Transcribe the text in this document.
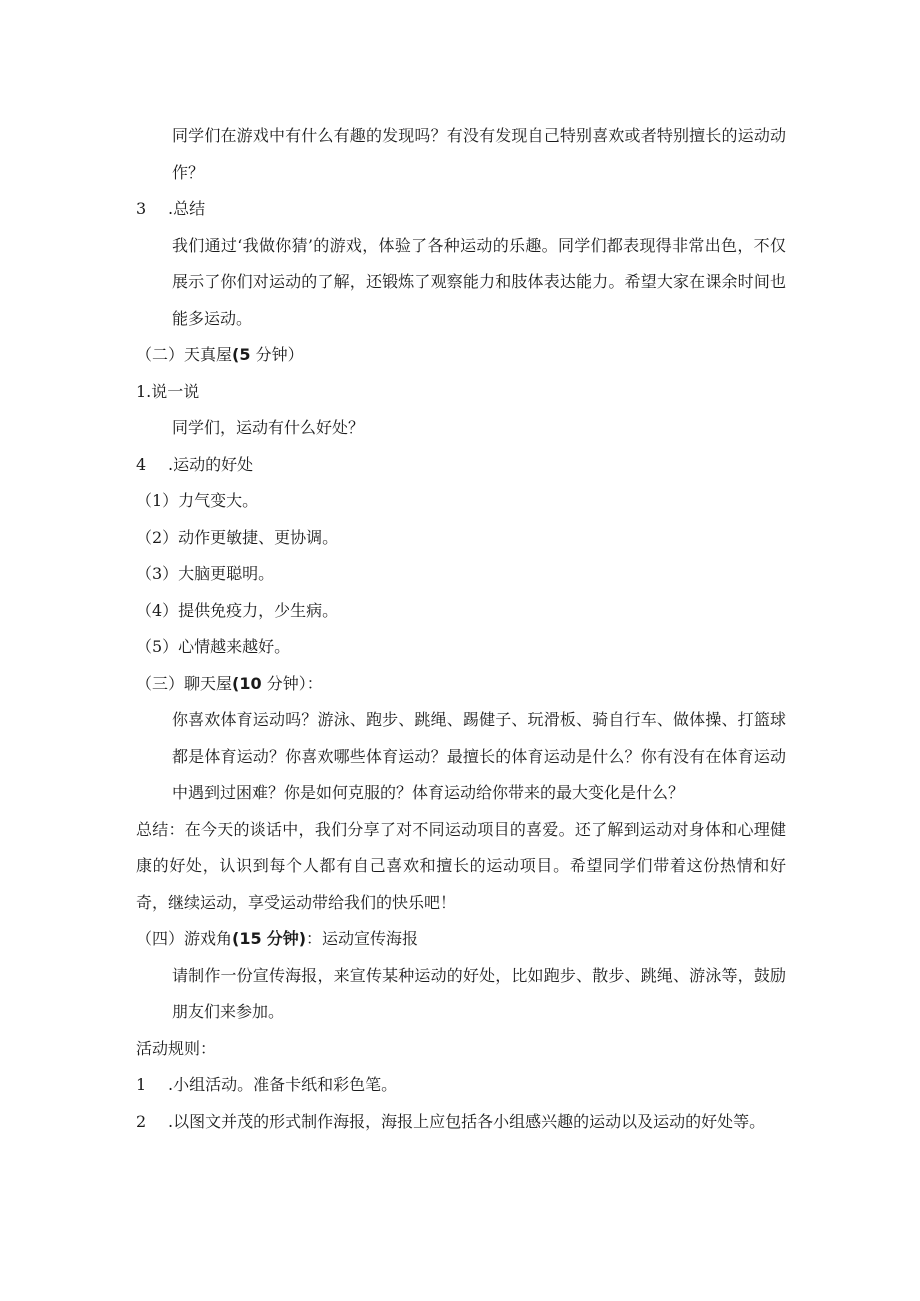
同学们在游戏中有什么有趣的发现吗？有没有发现自己特别喜欢或者特别擅长的运动动作？

3 .总结

我们通过‘我做你猜’的游戏，体验了各种运动的乐趣。同学们都表现得非常出色，不仅展示了你们对运动的了解，还锻炼了观察能力和肢体表达能力。希望大家在课余时间也能多运动。

（二）天真屋(5 分钟）

1.说一说

同学们，运动有什么好处？

4 .运动的好处

（1）力气变大。

（2）动作更敏捷、更协调。

（3）大脑更聪明。

（4）提供免疫力，少生病。

（5）心情越来越好。

（三）聊天屋(10 分钟）：

你喜欢体育运动吗？游泳、跑步、跳绳、踢健子、玩滑板、骑自行车、做体操、打篮球都是体育运动？你喜欢哪些体育运动？最擅长的体育运动是什么？你有没有在体育运动中遇到过困难？你是如何克服的？体育运动给你带来的最大变化是什么？

总结：在今天的谈话中，我们分享了对不同运动项目的喜爱。还了解到运动对身体和心理健康的好处，认识到每个人都有自己喜欢和擅长的运动项目。希望同学们带着这份热情和好奇，继续运动，享受运动带给我们的快乐吧！

（四）游戏角(15 分钟)：运动宣传海报

请制作一份宣传海报，来宣传某种运动的好处，比如跑步、散步、跳绳、游泳等，鼓励朋友们来参加。

活动规则：

1 .小组活动。准备卡纸和彩色笔。

2 .以图文并茂的形式制作海报，海报上应包括各小组感兴趣的运动以及运动的好处等。
